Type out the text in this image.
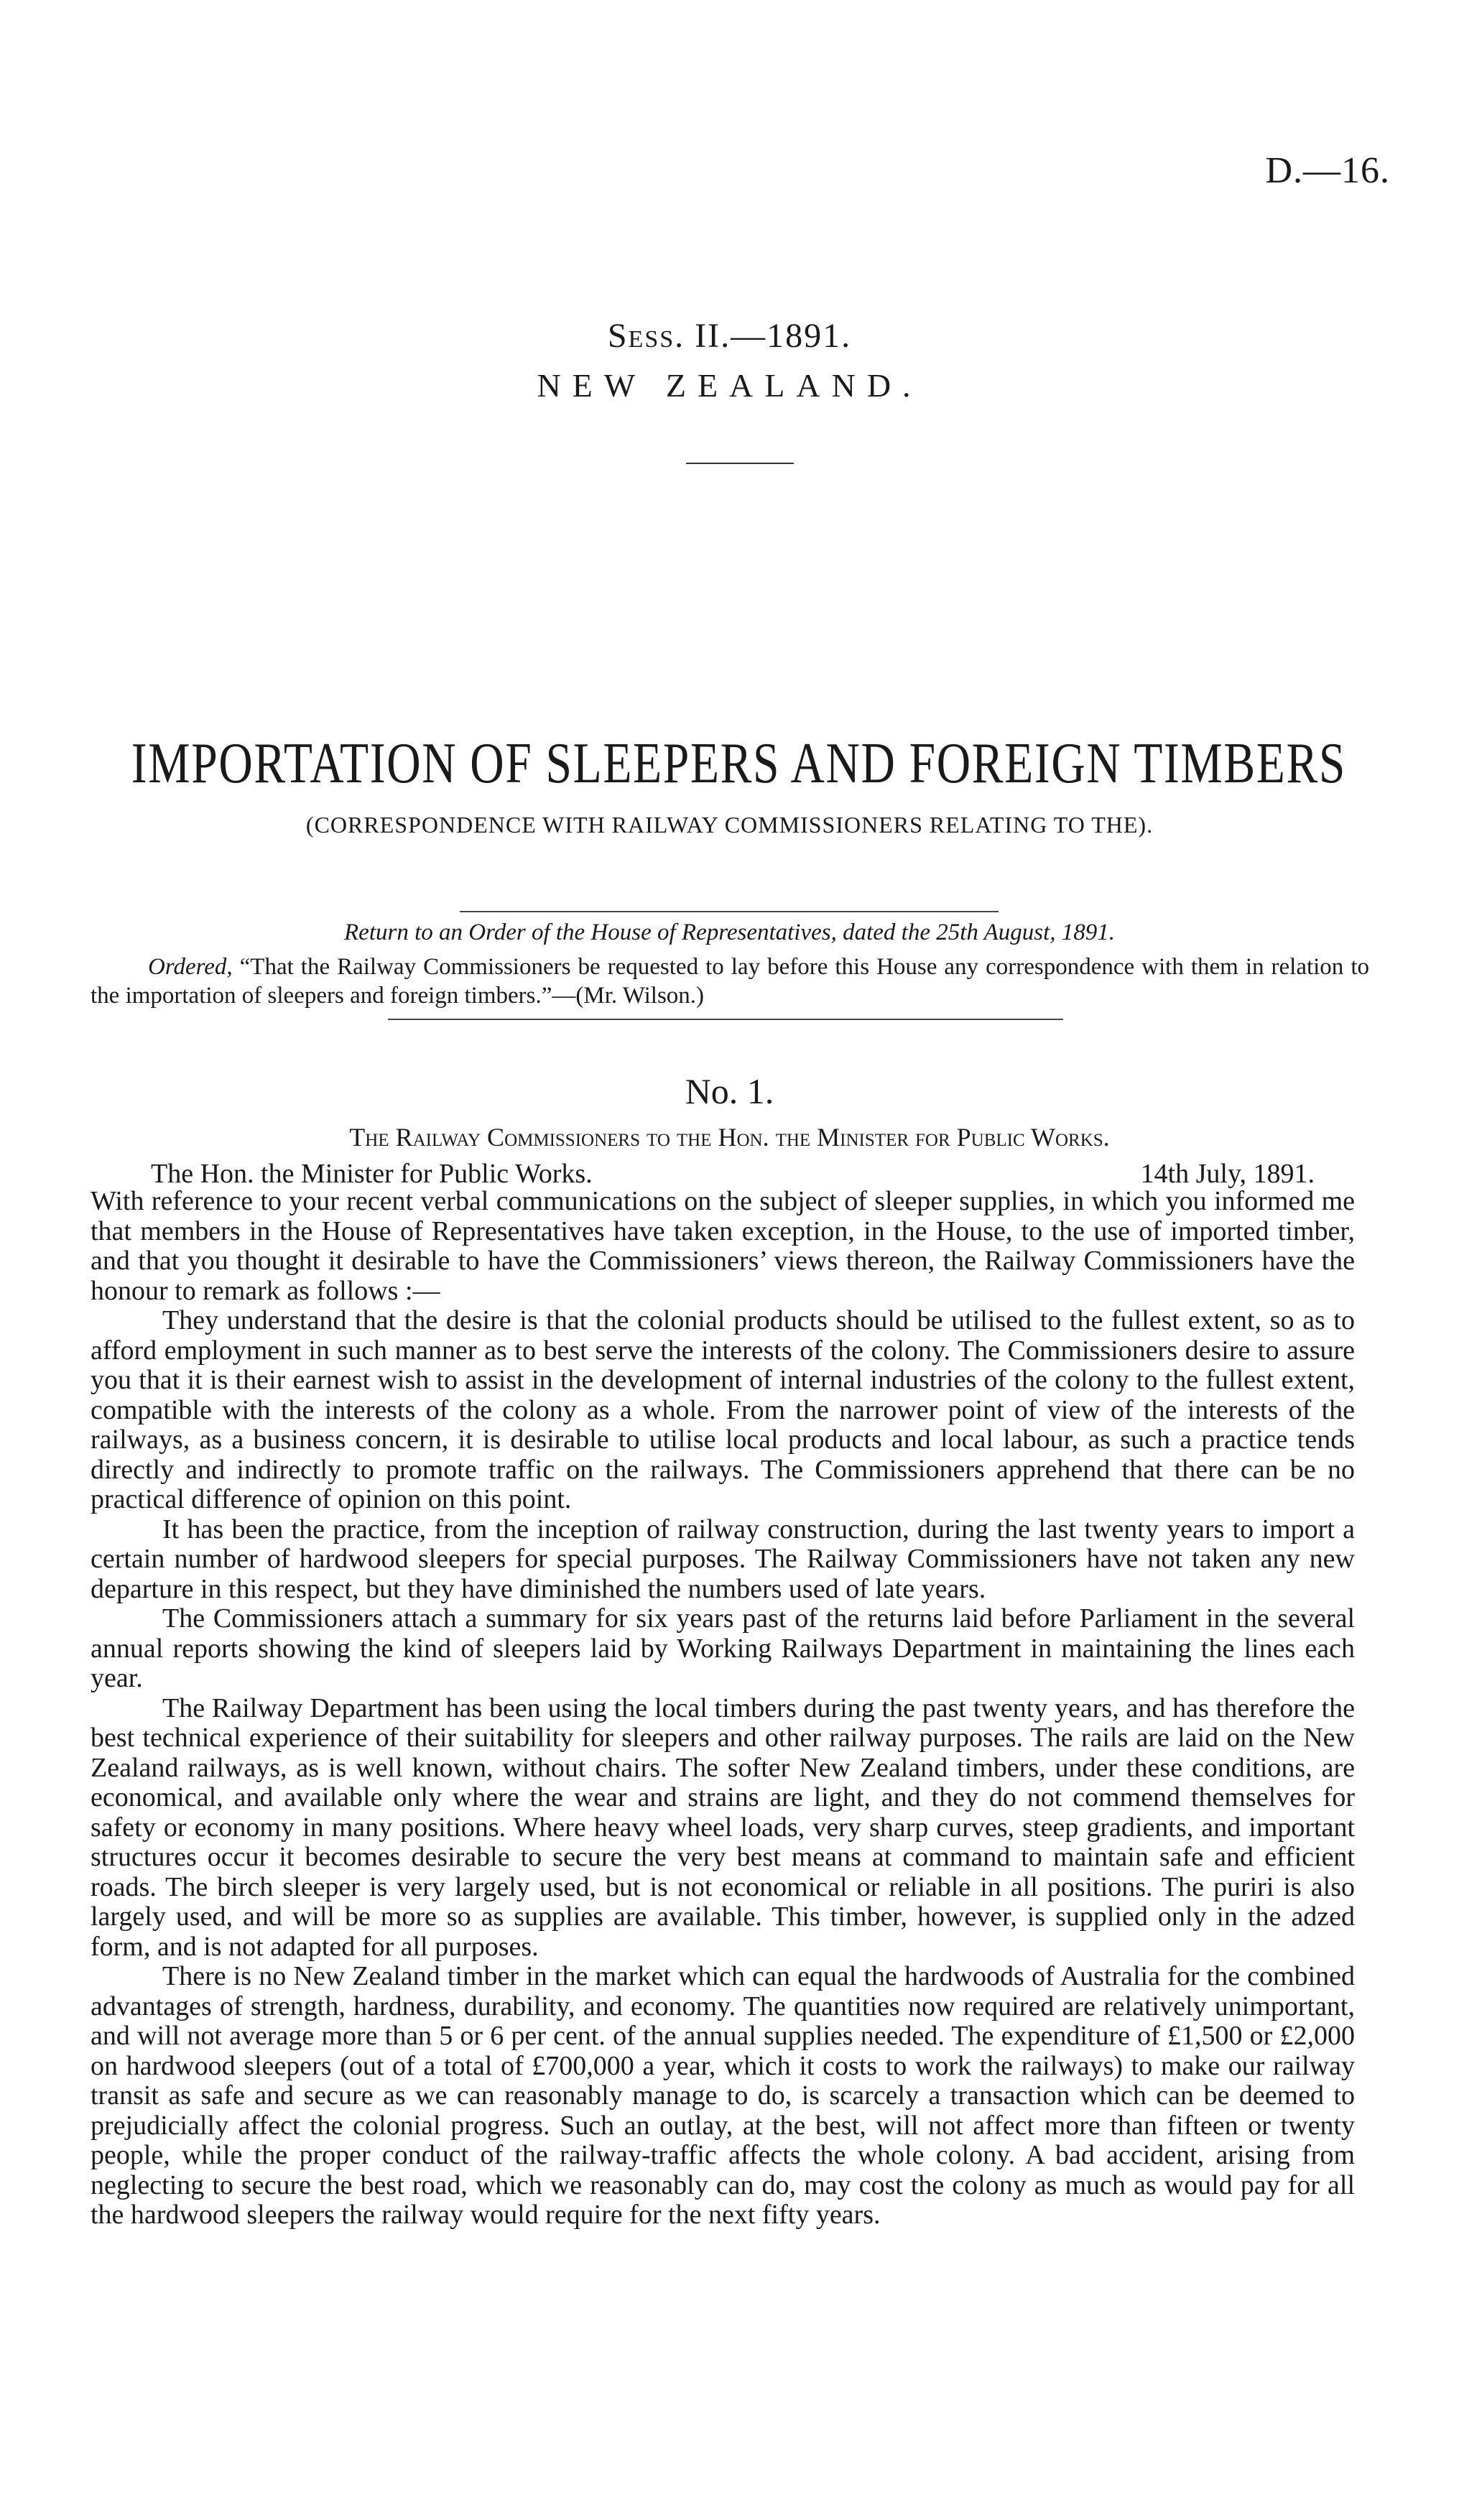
D.—16.
Sess. II.—1891.
NEW ZEALAND.
IMPORTATION OF SLEEPERS AND FOREIGN TIMBERS
(CORRESPONDENCE WITH RAILWAY COMMISSIONERS RELATING TO THE).
Return to an Order of the House of Representatives, dated the 25th August, 1891.
Ordered, “That the Railway Commissioners be requested to lay before this House any correspondence with them in relation to the importation of sleepers and foreign timbers.”—(Mr. Wilson.)
No. 1.
The Railway Commissioners to the Hon. the Minister for Public Works.
The Hon. the Minister for Public Works.	14th July, 1891.

With reference to your recent verbal communications on the subject of sleeper supplies, in which you informed me that members in the House of Representatives have taken exception, in the House, to the use of imported timber, and that you thought it desirable to have the Commissioners’ views thereon, the Railway Commissioners have the honour to remark as follows :—

They understand that the desire is that the colonial products should be utilised to the fullest extent, so as to afford employment in such manner as to best serve the interests of the colony. The Commissioners desire to assure you that it is their earnest wish to assist in the development of internal industries of the colony to the fullest extent, compatible with the interests of the colony as a whole. From the narrower point of view of the interests of the railways, as a business concern, it is desirable to utilise local products and local labour, as such a practice tends directly and indirectly to promote traffic on the railways. The Commissioners apprehend that there can be no practical difference of opinion on this point.

It has been the practice, from the inception of railway construction, during the last twenty years to import a certain number of hardwood sleepers for special purposes. The Railway Commissioners have not taken any new departure in this respect, but they have diminished the numbers used of late years.

The Commissioners attach a summary for six years past of the returns laid before Parliament in the several annual reports showing the kind of sleepers laid by Working Railways Department in maintaining the lines each year.

The Railway Department has been using the local timbers during the past twenty years, and has therefore the best technical experience of their suitability for sleepers and other railway purposes. The rails are laid on the New Zealand railways, as is well known, without chairs. The softer New Zealand timbers, under these conditions, are economical, and available only where the wear and strains are light, and they do not commend themselves for safety or economy in many positions. Where heavy wheel loads, very sharp curves, steep gradients, and important structures occur it becomes desirable to secure the very best means at command to maintain safe and efficient roads. The birch sleeper is very largely used, but is not economical or reliable in all positions. The puriri is also largely used, and will be more so as supplies are available. This timber, however, is supplied only in the adzed form, and is not adapted for all purposes.

There is no New Zealand timber in the market which can equal the hardwoods of Australia for the combined advantages of strength, hardness, durability, and economy. The quantities now required are relatively unimportant, and will not average more than 5 or 6 per cent. of the annual supplies needed. The expenditure of £1,500 or £2,000 on hardwood sleepers (out of a total of £700,000 a year, which it costs to work the railways) to make our railway transit as safe and secure as we can reasonably manage to do, is scarcely a transaction which can be deemed to prejudicially affect the colonial progress. Such an outlay, at the best, will not affect more than fifteen or twenty people, while the proper conduct of the railway-traffic affects the whole colony. A bad accident, arising from neglecting to secure the best road, which we reasonably can do, may cost the colony as much as would pay for all the hardwood sleepers the railway would require for the next fifty years.
